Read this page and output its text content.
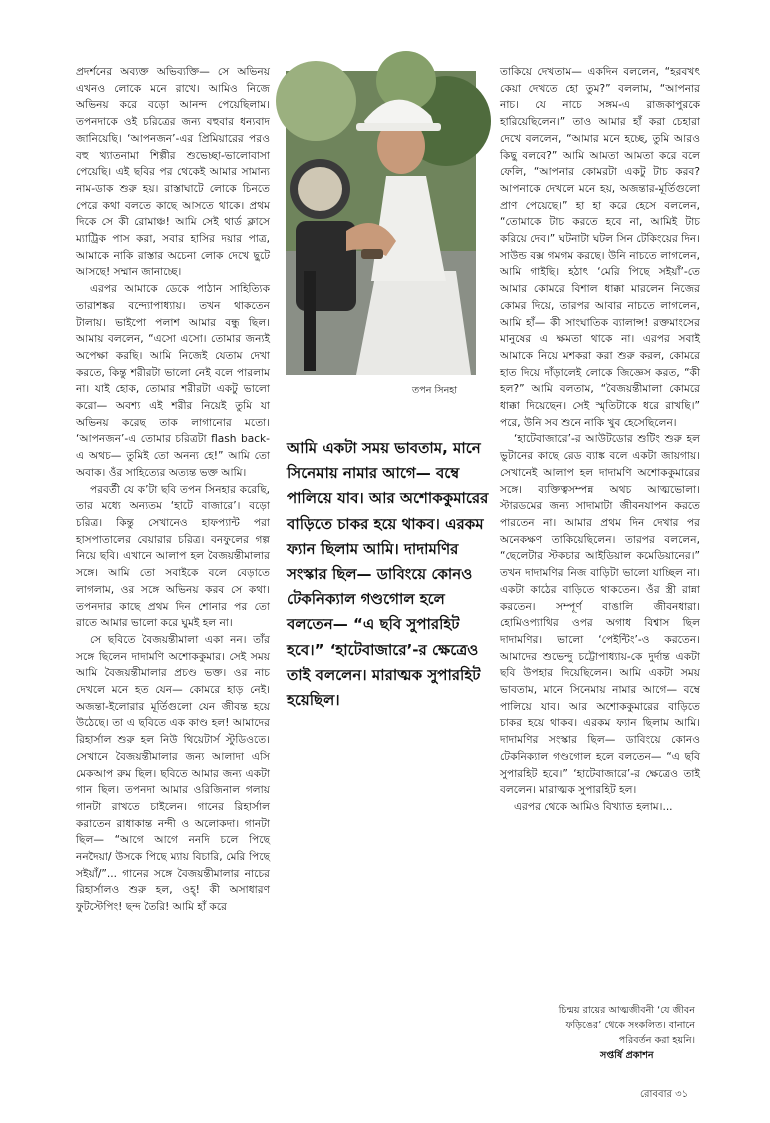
প্রদর্শনের অব্যক্ত অভিব্যক্তি— সে অভিনয় এখনও লোকে মনে রাখে। আমিও নিজে অভিনয় করে বড়ো আনন্দ পেয়েছিলাম। তপনদাকে ওই চরিত্রের জন্য বহুবার ধন্যবাদ জানিয়েছি। ‘আপনজন’-এর প্রিমিয়ারের পরও বহু খ্যাতনামা শিল্পীর শুভেচ্ছা-ভালোবাসা পেয়েছি। এই ছবির পর থেকেই আমার সামান্য নাম-ডাক শুরু হয়। রাস্তাঘাটে লোকে চিনতে পেরে কথা বলতে কাছে আসতে থাকে। প্রথম দিকে সে কী রোমাঞ্চ! আমি সেই থার্ড ক্লাসে ম্যাট্রিক পাস করা, সবার হাসির দয়ার পাত্র, আমাকে নাকি রাস্তার অচেনা লোক দেখে ছুটে আসছে! সম্মান জানাচ্ছে।

এরপর আমাকে ডেকে পাঠান সাহিত্যিক তারাশঙ্কর বন্দ্যোপাধ্যায়। তখন থাকতেন টালায়। ভাইপো পলাশ আমার বন্ধু ছিল। আমায় বললেন, “এসো এসো। তোমার জন্যই অপেক্ষা করছি। আমি নিজেই যেতাম দেখা করতে, কিন্তু শরীরটা ভালো নেই বলে পারলাম না। যাই হোক, তোমার শরীরটা একটু ভালো করো— অবশ্য এই শরীর নিয়েই তুমি যা অভিনয় করেছ তাক লাগানোর মতো। ‘আপনজন’-এ তোমার চরিত্রটা flash back-এ অথচ— তুমিই তো অনন্য হে!” আমি তো অবাক। ওঁর সাহিত্যের অত্যন্ত ভক্ত আমি।

পরবর্তী যে ক’টা ছবি তপন সিনহার করেছি, তার মধ্যে অন্যতম ‘হাটে বাজারে’। বড়ো চরিত্র। কিন্তু সেখানেও হাফপ্যান্ট পরা হাসপাতালের বেয়ারার চরিত্র। বনফুলের গল্প নিয়ে ছবি। এখানে আলাপ হল বৈজয়ন্তীমালার সঙ্গে। আমি তো সবাইকে বলে বেড়াতে লাগলাম, ওর সঙ্গে অভিনয় করব সে কথা। তপনদার কাছে প্রথম দিন শোনার পর তো রাতে আমার ভালো করে ঘুমই হল না।

সে ছবিতে বৈজয়ন্তীমালা একা নন। তাঁর সঙ্গে ছিলেন দাদামণি অশোককুমার। সেই সময় আমি বৈজয়ন্তীমালার প্রচণ্ড ভক্ত। ওর নাচ দেখলে মনে হত যেন— কোমরে হাড় নেই। অজন্তা-ইলোরার মূর্তিগুলো যেন জীবন্ত হয়ে উঠেছে। তা এ ছবিতে এক কাণ্ড হল! আমাদের রিহার্সাল শুরু হল নিউ থিয়েটার্স স্টুডিওতে। সেখানে বৈজয়ন্তীমালার জন্য আলাদা এসি মেকআপ রুম ছিল। ছবিতে আমার জন্য একটা গান ছিল। তপনদা আমার ওরিজিনাল গলায় গানটা রাখতে চাইলেন। গানের রিহার্সাল করাতেন রাধাকান্ত নন্দী ও অলোকদা। গানটা ছিল— “আগে আগে ননদি চলে পিছে ননদৈয়া/ উসকে পিছে ম্যায় বিচারি, মেরি পিছে সইয়াঁ/”... গানের সঙ্গে বৈজয়ন্তীমালার নাচের রিহার্সালও শুরু হল, ওহ্! কী অসাধারণ ফুটস্টেপিং! ছন্দ তৈরি! আমি হাঁ করে

তপন সিনহা

আমি একটা সময় ভাবতাম, মানে সিনেমায় নামার আগে— বম্বে পালিয়ে যাব। আর অশোককুমারের বাড়িতে চাকর হয়ে থাকব। এরকম ফ্যান ছিলাম আমি। দাদামণির সংস্কার ছিল— ডাবিংয়ে কোনও টেকনিক্যাল গণ্ডগোল হলে বলতেন— “এ ছবি সুপারহিট হবে।” ‘হাটেবাজারে’-র ক্ষেত্রেও তাই বললেন। মারাত্মক সুপারহিট হয়েছিল।

তাকিয়ে দেখতাম— একদিন বললেন, “হরবখৎ কেয়া দেখতে হো তুম?” বললাম, “আপনার নাচ। যে নাচে সঙ্গম-এ রাজকাপুরকে হারিয়েছিলেন।” তাও আমার হাঁ করা চেহারা দেখে বললেন, “আমার মনে হচ্ছে, তুমি আরও কিছু বলবে?” আমি আমতা আমতা করে বলে ফেলি, “আপনার কোমরটা একটু টাচ করব? আপনাকে দেখলে মনে হয়, অজন্তার-মূর্তিগুলো প্রাণ পেয়েছে।” হা হা করে হেসে বললেন, “তোমাকে টাচ করতে হবে না, আমিই টাচ করিয়ে দেব।” ঘটনাটা ঘটল সিন টেকিংয়ের দিন। সাউন্ড বক্স গমগম করছে। উনি নাচতে লাগলেন, আমি গাইছি। হঠাৎ ‘মেরি পিছে সইয়াঁ’-তে আমার কোমরে বিশাল ধাক্কা মারলেন নিজের কোমর দিয়ে, তারপর আবার নাচতে লাগলেন, আমি হাঁ— কী সাংঘাতিক ব্যালান্স! রক্তমাংসের মানুষের এ ক্ষমতা থাকে না। এরপর সবাই আমাকে নিয়ে মশকরা করা শুরু করল, কোমরে হাত দিয়ে দাঁড়ালেই লোকে জিজ্ঞেস করত, “কী হল?” আমি বলতাম, “বৈজয়ন্তীমালা কোমরে ধাক্কা দিয়েছেন। সেই স্মৃতিটাকে ধরে রাখছি।” পরে, উনি সব শুনে নাকি খুব হেসেছিলেন।

‘হাটেবাজারে’-র আউটডোর শুটিং শুরু হল ভুটানের কাছে রেড ব্যাঙ্ক বলে একটা জায়গায়। সেখানেই আলাপ হল দাদামণি অশোককুমারের সঙ্গে। ব্যক্তিত্বসম্পন্ন অথচ আত্মভোলা। স্টারডমের জন্য সাদামাটা জীবনযাপন করতে পারতেন না। আমার প্রথম দিন দেখার পর অনেকক্ষণ তাকিয়েছিলেন। তারপর বললেন, “ছেলেটার স্টকচার আইডিয়াল কমেডিয়ানের।” তখন দাদামণির নিজ বাড়িটা ভালো যাচ্ছিল না। একটা কাঠের বাড়িতে থাকতেন। ওঁর স্ত্রী রান্না করতেন। সম্পূর্ণ বাঙালি জীবনধারা। হোমিওপ্যাথির ওপর অগাধ বিশ্বাস ছিল দাদামণির। ভালো ‘পেইন্টিং’-ও করতেন। আমাদের শুভেন্দু চট্টোপাধ্যায়-কে দুর্দান্ত একটা ছবি উপহার দিয়েছিলেন। আমি একটা সময় ভাবতাম, মানে সিনেমায় নামার আগে— বম্বে পালিয়ে যাব। আর অশোককুমারের বাড়িতে চাকর হয়ে থাকব। এরকম ফ্যান ছিলাম আমি। দাদামণির সংস্কার ছিল— ডাবিংয়ে কোনও টেকনিক্যাল গণ্ডগোল হলে বলতেন— “এ ছবি সুপারহিট হবে।” ‘হাটেবাজারে’-র ক্ষেত্রেও তাই বললেন। মারাত্মক সুপারহিট হল।

এরপর থেকে আমিও বিখ্যাত হলাম।...

চিন্ময় রায়ের আত্মজীবনী ‘যে জীবন ফড়িঙের’ থেকে সংকলিত। বানানে পরিবর্তন করা হয়নি।

সপ্তর্ষি প্রকাশন
রোববার ৩১
